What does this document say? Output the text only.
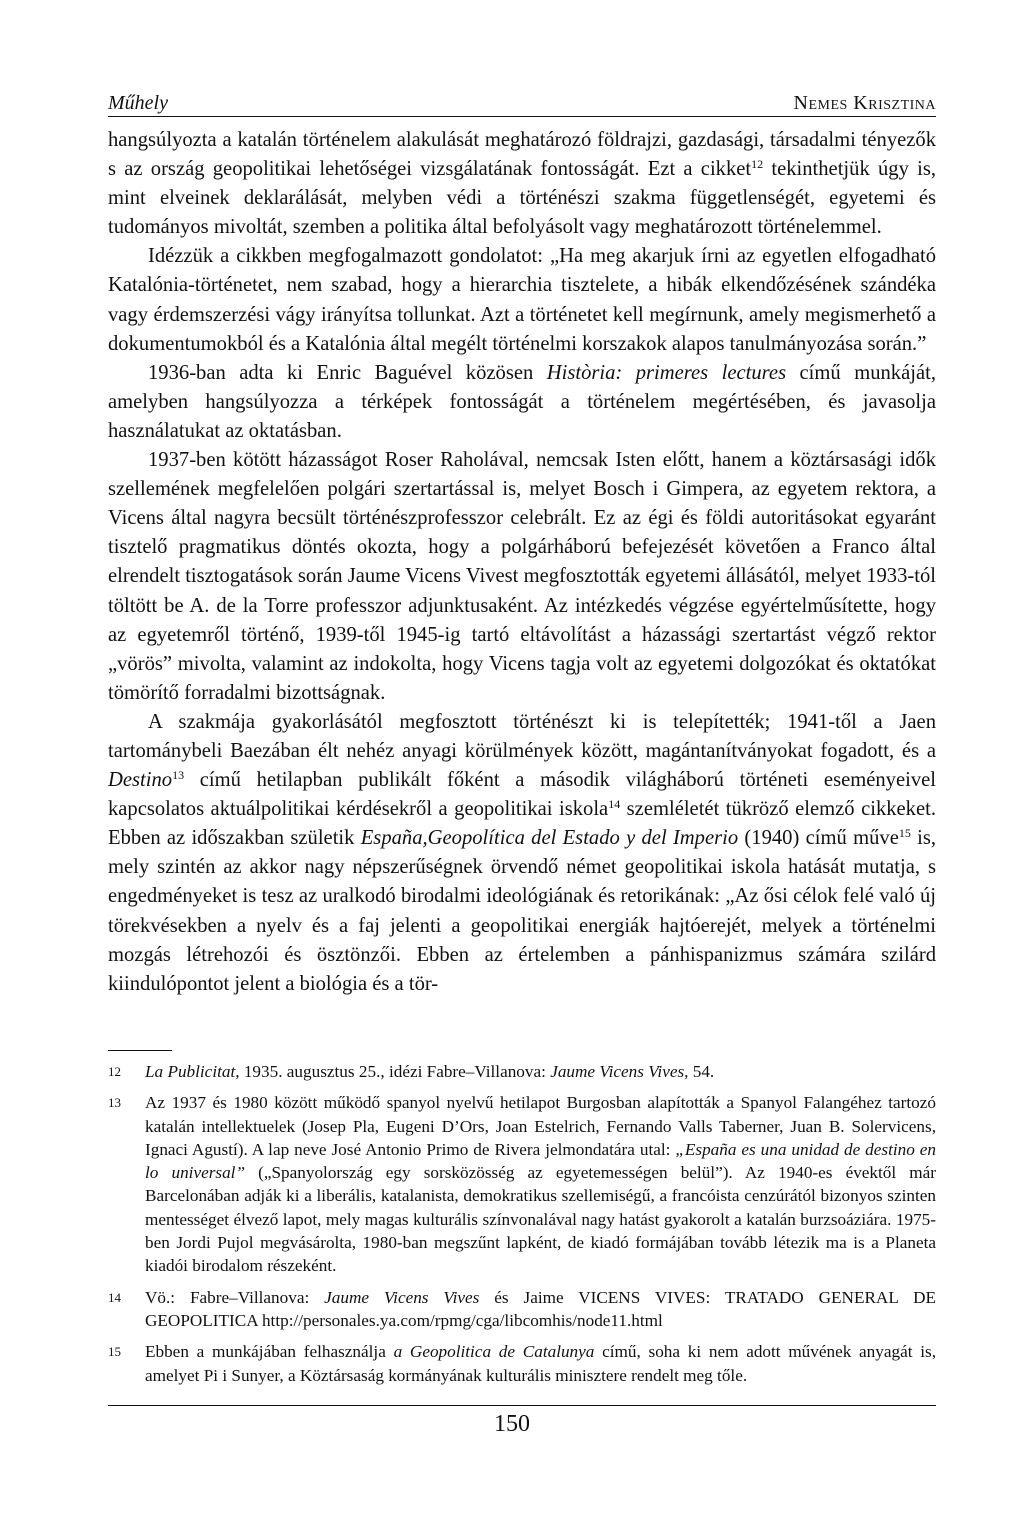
Műhely	Nemes Krisztina

hangsúlyozta a katalán történelem alakulását meghatározó földrajzi, gazdasági, társadalmi tényezők s az ország geopolitikai lehetőségei vizsgálatának fontosságát. Ezt a cikket$^{12}$ tekinthetjük úgy is, mint elveinek deklarálását, melyben védi a történészi szakma függetlenségét, egyetemi és tudományos mivoltát, szemben a politika által befolyásolt vagy meghatározott történelemmel.

Idézzük a cikkben megfogalmazott gondolatot: „Ha meg akarjuk írni az egyetlen elfogadható Katalónia-történetet, nem szabad, hogy a hierarchia tisztelete, a hibák elkendőzésének szándéka vagy érdemszerzési vágy irányítsa tollunkat. Azt a történetet kell megírnunk, amely megismerhető a dokumentumokból és a Katalónia által megélt történelmi korszakok alapos tanulmányozása során.”

1936-ban adta ki Enric Baguével közösen Història: primeres lectures című munkáját, amelyben hangsúlyozza a térképek fontosságát a történelem megértésében, és javasolja használatukat az oktatásban.

1937-ben kötött házasságot Roser Raholával, nemcsak Isten előtt, hanem a köztársasági idők szellemének megfelelően polgári szertartással is, melyet Bosch i Gimpera, az egyetem rektora, a Vicens által nagyra becsült történészprofesszor celebrált. Ez az égi és földi autoritásokat egyaránt tisztelő pragmatikus döntés okozta, hogy a polgárháború befejezését követően a Franco által elrendelt tisztogatások során Jaume Vicens Vivest megfosztották egyetemi állásától, melyet 1933-tól töltött be A. de la Torre professzor adjunktusaként. Az intézkedés végzése egyértelműsítette, hogy az egyetemről történő, 1939-től 1945-ig tartó eltávolítást a házassági szertartást végző rektor „vörös” mivolta, valamint az indokolta, hogy Vicens tagja volt az egyetemi dolgozókat és oktatókat tömörítő forradalmi bizottságnak.

A szakmája gyakorlásától megfosztott történészt ki is telepítették; 1941-től a Jaen tartománybeli Baezában élt nehéz anyagi körülmények között, magántanítványokat fogadott, és a Destino$^{13}$ című hetilapban publikált főként a második világháború történeti eseményeivel kapcsolatos aktuálpolitikai kérdésekről a geopolitikai iskola$^{14}$ szemléletét tükröző elemző cikkeket. Ebben az időszakban születik España,Geopolítica del Estado y del Imperio (1940) című műve$^{15}$ is, mely szintén az akkor nagy népszerűségnek örvendő német geopolitikai iskola hatását mutatja, s engedményeket is tesz az uralkodó birodalmi ideológiának és retorikának: „Az ősi célok felé való új törekvésekben a nyelv és a faj jelenti a geopolitikai energiák hajtóerejét, melyek a történelmi mozgás létrehozói és ösztönzői. Ebben az értelemben a pánhispanizmus számára szilárd kiindulópontot jelent a biológia és a tör-

12 La Publicitat, 1935. augusztus 25., idézi Fabre–Villanova: Jaume Vicens Vives, 54.
13 Az 1937 és 1980 között működő spanyol nyelvű hetilapot Burgosban alapították a Spanyol Falangéhez tartozó katalán intellektuelek (Josep Pla, Eugeni D’Ors, Joan Estelrich, Fernando Valls Taberner, Juan B. Solervicens, Ignaci Agustí). A lap neve José Antonio Primo de Rivera jelmondatára utal: „España es una unidad de destino en lo universal” („Spanyolország egy sorsközösség az egyetemességen belül”). Az 1940-es évektől már Barcelonában adják ki a liberális, katalanista, demokratikus szellemiségű, a francóista cenzúrától bizonyos szinten mentességet élvező lapot, mely magas kulturális színvonalával nagy hatást gyakorolt a katalán burzsoáziára. 1975-ben Jordi Pujol megvásárolta, 1980-ban megszűnt lapként, de kiadó formájában tovább létezik ma is a Planeta kiadói birodalom részeként.
14 Vö.: Fabre–Villanova: Jaume Vicens Vives és Jaime VICENS VIVES: TRATADO GENERAL DE GEOPOLITICA http://personales.ya.com/rpmg/cga/libcomhis/node11.html
15 Ebben a munkájában felhasználja a Geopolitica de Catalunya című, soha ki nem adott művének anyagát is, amelyet Pi i Sunyer, a Köztársaság kormányának kulturális minisztere rendelt meg tőle.
150
